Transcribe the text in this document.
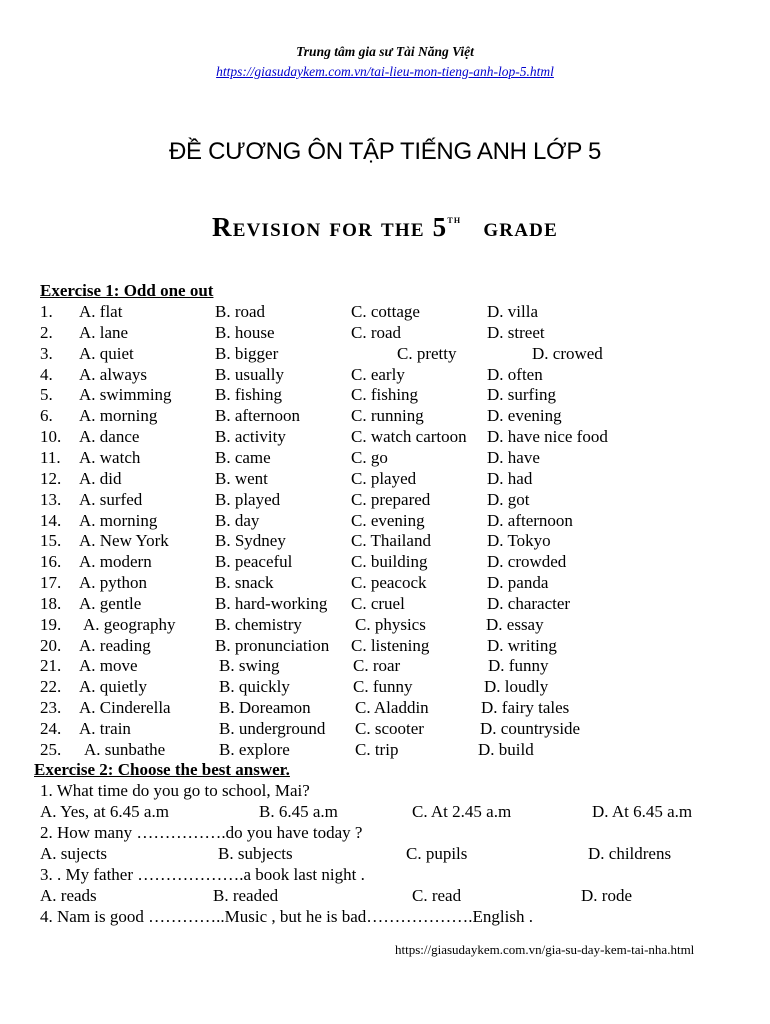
Trung tâm gia sư Tài Năng Việt
https://giasudaykem.com.vn/tai-lieu-mon-tieng-anh-lop-5.html
ĐỀ CƯƠNG ÔN TẬP TIẾNG ANH LỚP 5
Revision for the 5th grade
Exercise 1: Odd one out
1. A. flat	B. road	C. cottage	D. villa
2. A. lane	B. house	C. road	D. street
3. A. quiet	B. bigger	C. pretty	D. crowed
4. A. always	B. usually	C. early	D. often
5. A. swimming	B. fishing	C. fishing	D. surfing
6. A. morning	B. afternoon	C. running	D. evening
10. A. dance	B. activity	C. watch cartoon D. have nice food
11. A. watch	B. came	C. go	D. have
12. A. did	B. went	C. played	D. had
13. A. surfed	B. played	C. prepared	D. got
14. A. morning	B. day	C. evening	D. afternoon
15. A. New York	B. Sydney	C. Thailand	D. Tokyo
16. A. modern	B. peaceful	C. building	D. crowded
17. A. python	B. snack	C. peacock	D. panda
18. A. gentle	B. hard-working C. cruel	D. character
19. A. geography B. chemistry	C. physics	D. essay
20. A. reading	B. pronunciation C. listening	D. writing
21. A. move	B. swing	C. roar	D. funny
22. A. quietly	B. quickly	C. funny	D. loudly
23. A. Cinderella	B. Doreamon	C. Aladdin	D. fairy tales
24. A. train	B. underground C. scooter	D. countryside
25. A. sunbathe	B. explore	C. trip	D. build
Exercise 2: Choose the best answer.
1. What time do you go to school, Mai?
A. Yes, at 6.45 a.m	B. 6.45 a.m	C. At 2.45 a.m	D. At 6.45 a.m
2. How many …………….do you have today ?
A. sujects	B. subjects	C. pupils	D. childrens
3. . My father ……………….a book last night .
A. reads	B. readed	C. read	D. rode
4. Nam is good …………..Music , but he is bad……………….English .
https://giasudaykem.com.vn/gia-su-day-kem-tai-nha.html
